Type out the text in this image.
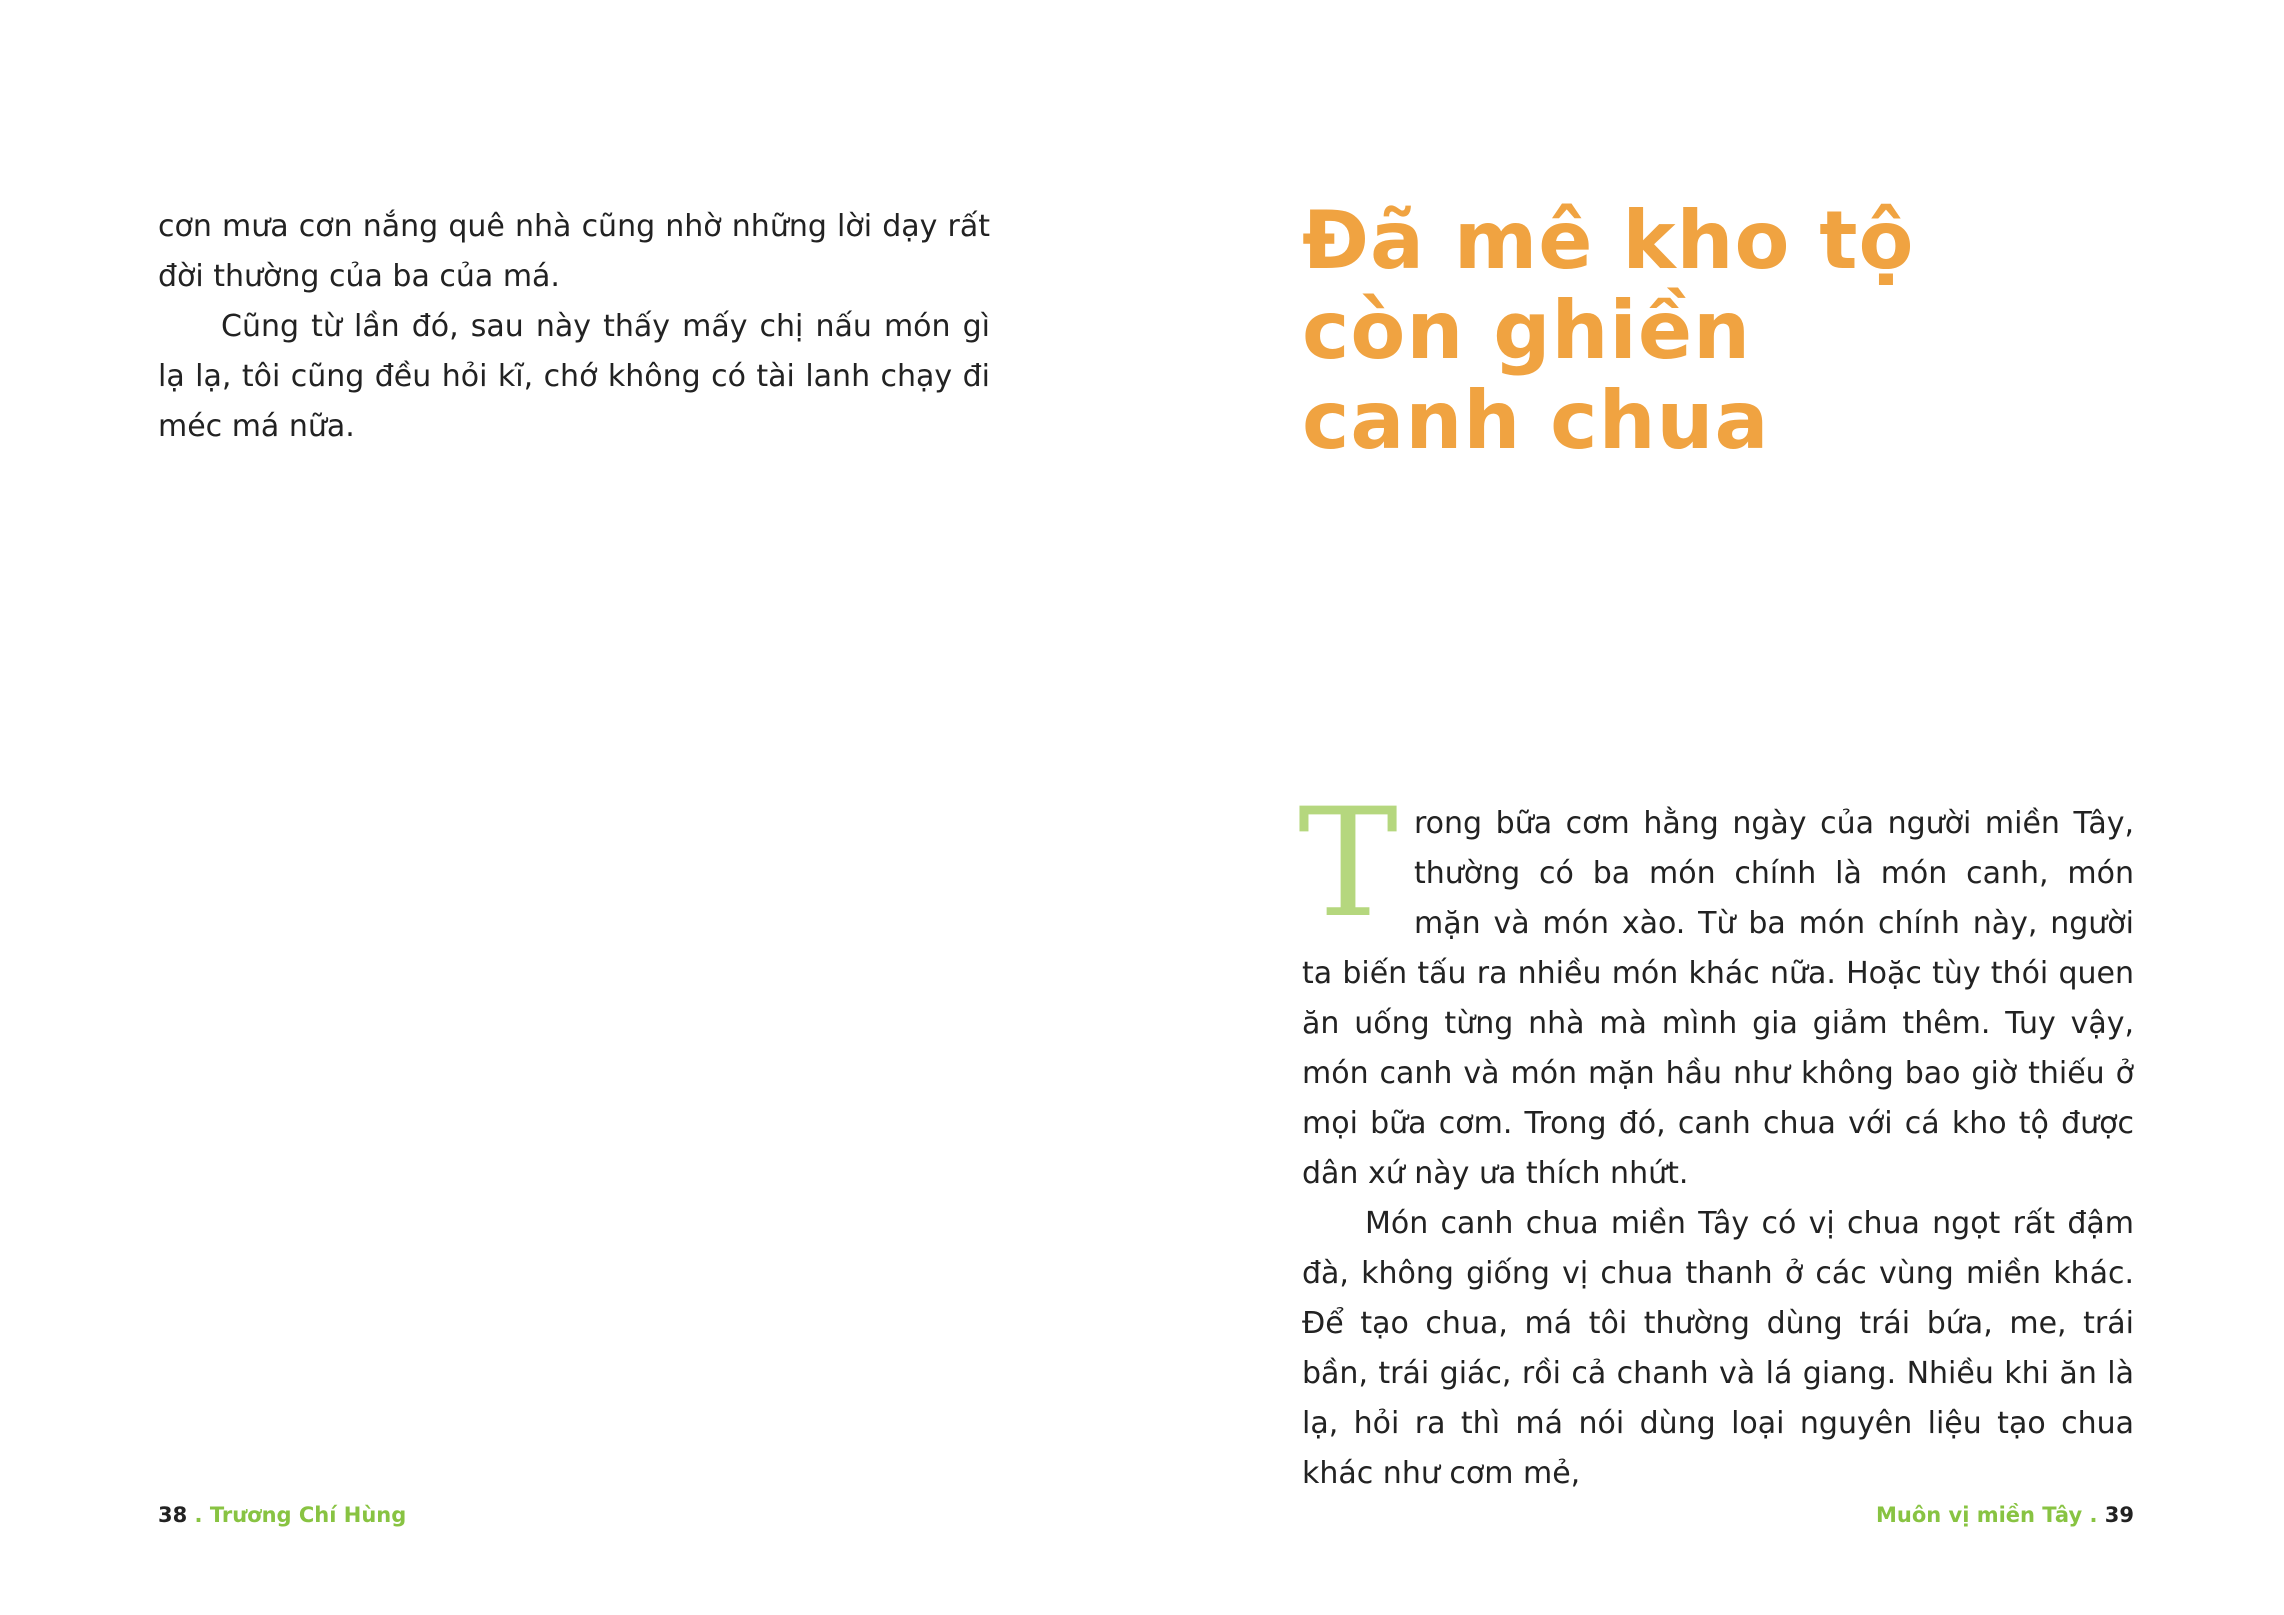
cơn mưa cơn nắng quê nhà cũng nhờ những lời dạy rất đời thường của ba của má.

Cũng từ lần đó, sau này thấy mấy chị nấu món gì lạ lạ, tôi cũng đều hỏi kĩ, chớ không có tài lanh chạy đi méc má nữa.

38 . Trương Chí Hùng
Đã mê kho tộ
còn ghiền
canh chua

Trong bữa cơm hằng ngày của người miền Tây, thường có ba món chính là món canh, món mặn và món xào. Từ ba món chính này, người ta biến tấu ra nhiều món khác nữa. Hoặc tùy thói quen ăn uống từng nhà mà mình gia giảm thêm. Tuy vậy, món canh và món mặn hầu như không bao giờ thiếu ở mọi bữa cơm. Trong đó, canh chua với cá kho tộ được dân xứ này ưa thích nhứt.

Món canh chua miền Tây có vị chua ngọt rất đậm đà, không giống vị chua thanh ở các vùng miền khác. Để tạo chua, má tôi thường dùng trái bứa, me, trái bần, trái giác, rồi cả chanh và lá giang. Nhiều khi ăn là lạ, hỏi ra thì má nói dùng loại nguyên liệu tạo chua khác như cơm mẻ,

Muôn vị miền Tây . 39
